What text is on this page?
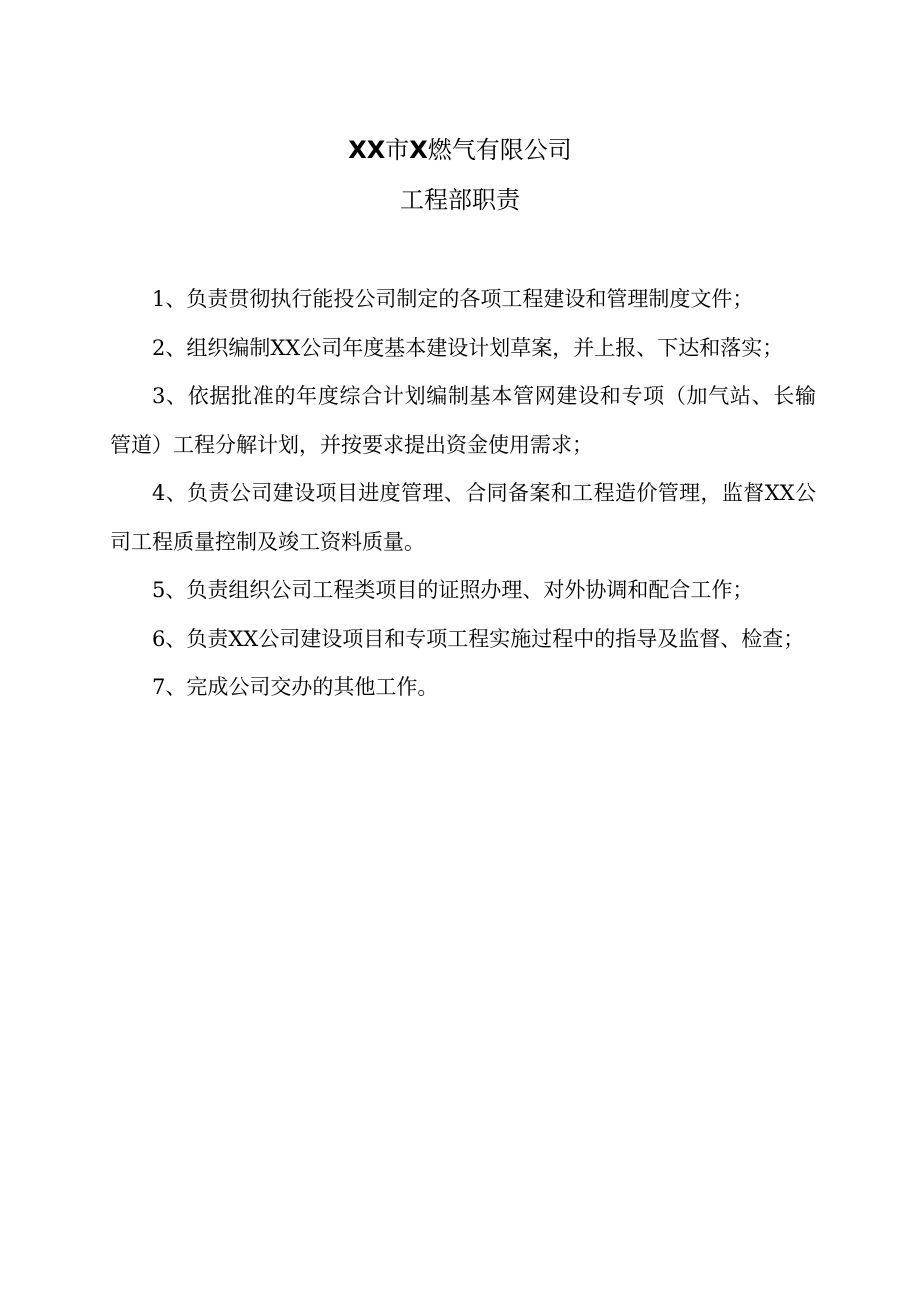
XX市X燃气有限公司
工程部职责

1、负责贯彻执行能投公司制定的各项工程建设和管理制度文件；

2、组织编制XX公司年度基本建设计划草案，并上报、下达和落实；

3、依据批准的年度综合计划编制基本管网建设和专项（加气站、长输管道）工程分解计划，并按要求提出资金使用需求；

4、负责公司建设项目进度管理、合同备案和工程造价管理，监督XX公司工程质量控制及竣工资料质量。

5、负责组织公司工程类项目的证照办理、对外协调和配合工作；

6、负责XX公司建设项目和专项工程实施过程中的指导及监督、检查；

7、完成公司交办的其他工作。
